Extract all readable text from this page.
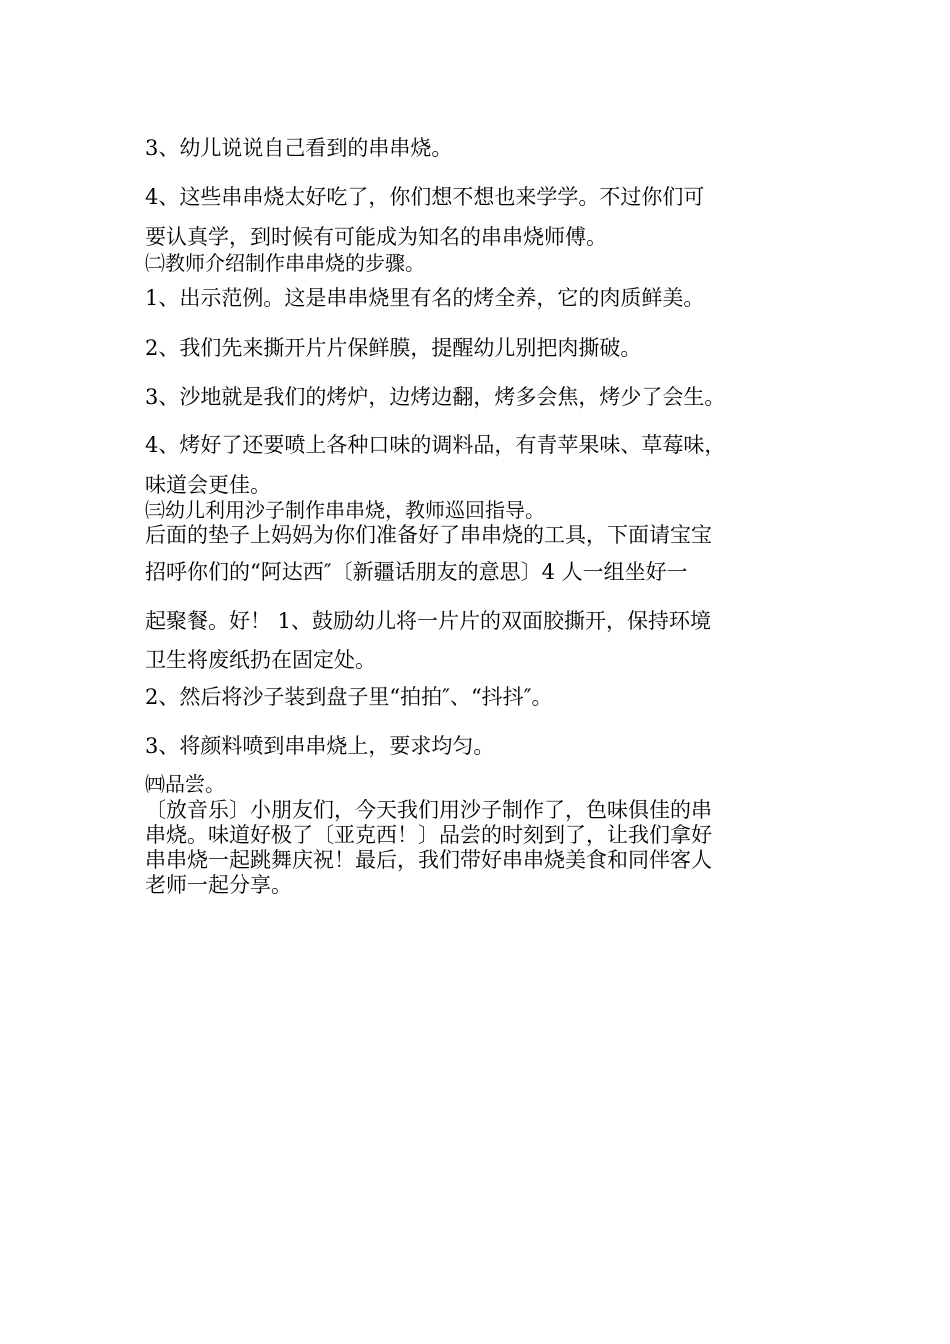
3、幼儿说说自己看到的串串烧。
4、这些串串烧太好吃了，你们想不想也来学学。不过你们可
要认真学，到时候有可能成为知名的串串烧师傅。
㈡教师介绍制作串串烧的步骤。
1、出示范例。这是串串烧里有名的烤全养，它的肉质鲜美。
2、我们先来撕开片片保鲜膜，提醒幼儿别把肉撕破。
3、沙地就是我们的烤炉，边烤边翻，烤多会焦，烤少了会生。
4、烤好了还要喷上各种口味的调料品，有青苹果味、草莓味，
味道会更佳。
㈢幼儿利用沙子制作串串烧，教师巡回指导。
后面的垫子上妈妈为你们准备好了串串烧的工具，下面请宝宝
招呼你们的“阿达西″〔新疆话朋友的意思〕4 人一组坐好一
起聚餐。好！ 1、鼓励幼儿将一片片的双面胶撕开，保持环境
卫生将废纸扔在固定处。
2、然后将沙子装到盘子里“拍拍″、“抖抖″。
3、将颜料喷到串串烧上，要求均匀。
㈣品尝。
〔放音乐〕小朋友们，今天我们用沙子制作了，色味俱佳的串
串烧。味道好极了〔亚克西！〕品尝的时刻到了，让我们拿好
串串烧一起跳舞庆祝！最后，我们带好串串烧美食和同伴客人
老师一起分享。
